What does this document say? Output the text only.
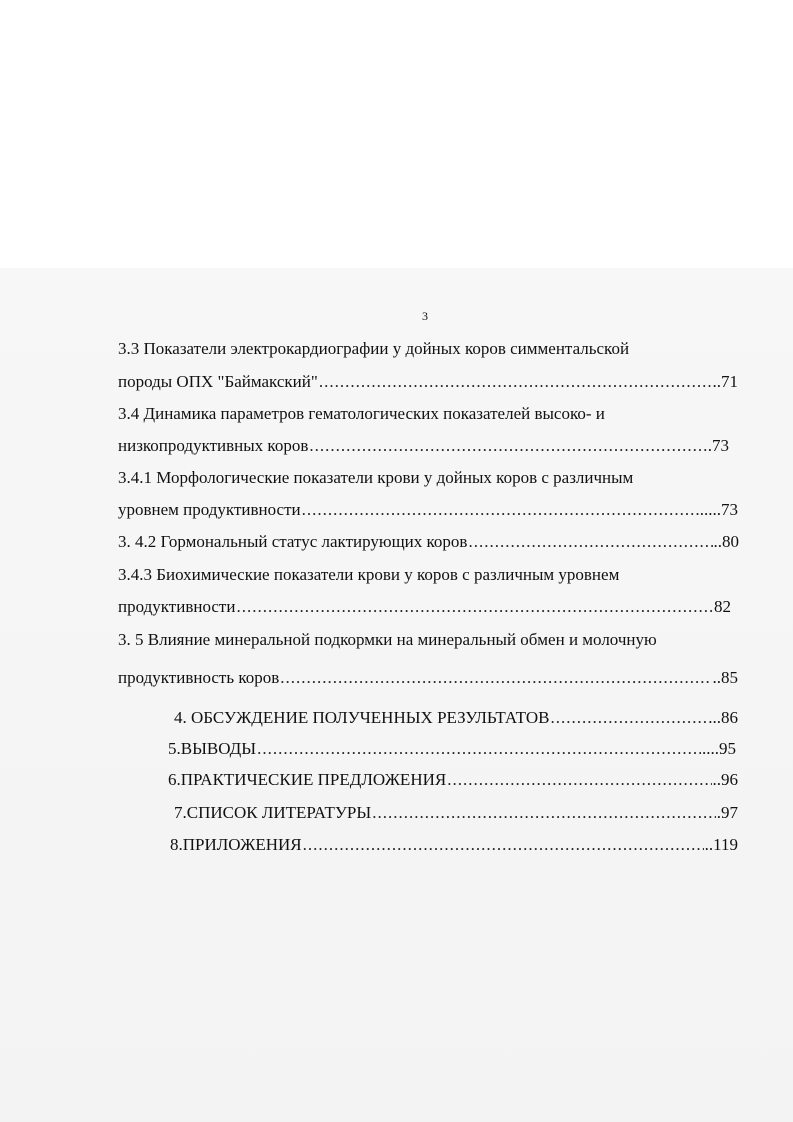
3
3.3 Показатели электрокардиографии у дойных коров симментальской
породы ОПХ "Баймакский" .....	..71
3.4 Динамика параметров гематологических показателей высоко- и
низкопродуктивных коров .....	.73
3.4.1 Морфологические показатели крови у дойных коров с различным
уровнем продуктивности .....	.....73
3. 4.2 Гормональный статус лактирующих коров .....	..80
3.4.3 Биохимические показатели крови у коров с различным уровнем
продуктивности .....	82
3. 5 Влияние минеральной подкормки на минеральный обмен и молочную
продуктивность коров .....	..85
4. ОБСУЖДЕНИЕ ПОЛУЧЕННЫХ РЕЗУЛЬТАТОВ .....	...86
5.ВЫВОДЫ .....	....95
6.ПРАКТИЧЕСКИЕ ПРЕДЛОЖЕНИЯ .....	..96
7.СПИСОК ЛИТЕРАТУРЫ .....	.97
8.ПРИЛОЖЕНИЯ .....	..119
